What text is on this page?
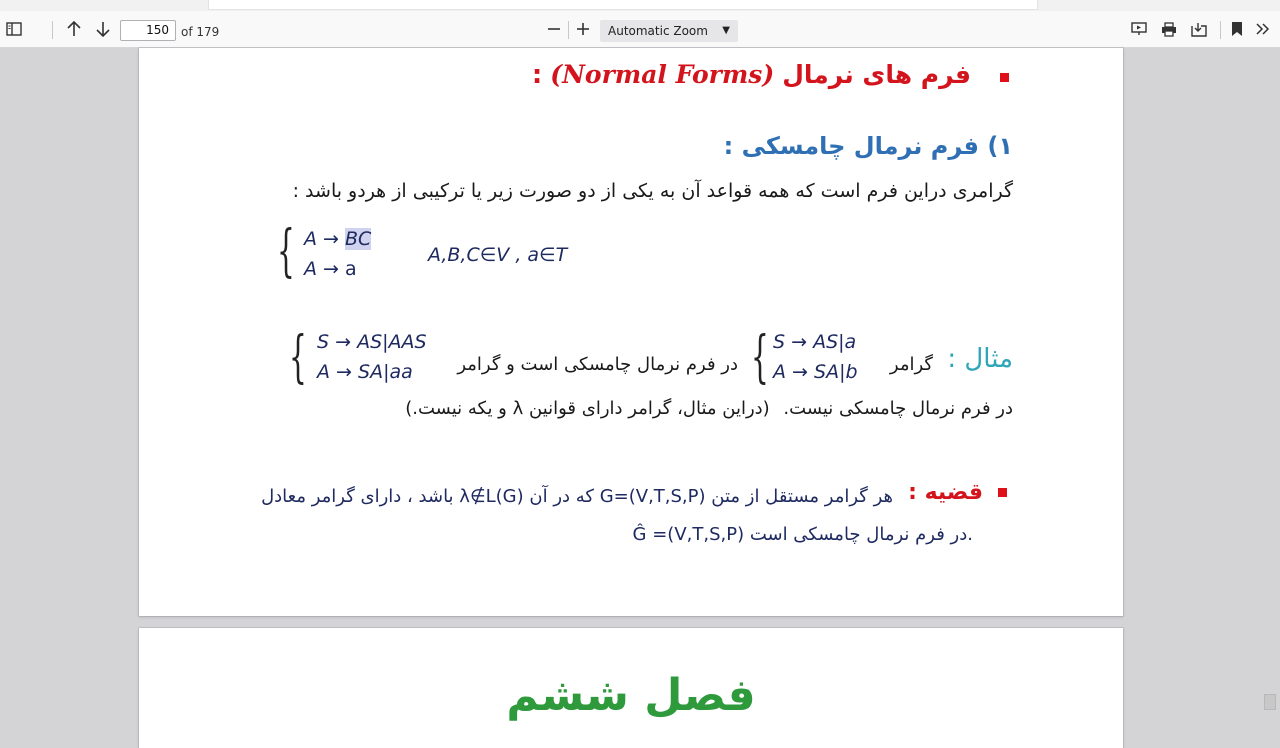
150	of 179	Automatic Zoom ▼
: (Normal Forms) فرم های نرمال
۱) فرم نرمال چامسکی :
گرامری دراین فرم است که همه قواعد آن به یکی از دو صورت زیر یا ترکیبی از هردو باشد :
{ A → BC
A → a
A,B,C∈V , a∈T
مثال :
گرامر
{ S → AS|a
A → SA|b
در فرم نرمال چامسکی است و گرامر
{ S → AS|AAS
A → SA|aa
در فرم نرمال چامسکی نیست. (دراین مثال، گرامر دارای قوانین λ و یکه نیست.)
قضیه :
هر گرامر مستقل از متن G=(V,T,S,P) که در آن λ∉L(G) باشد ، دارای گرامر معادل
Ĝ =(V,T,S,P) در فرم نرمال چامسکی است.
فصل ششم
